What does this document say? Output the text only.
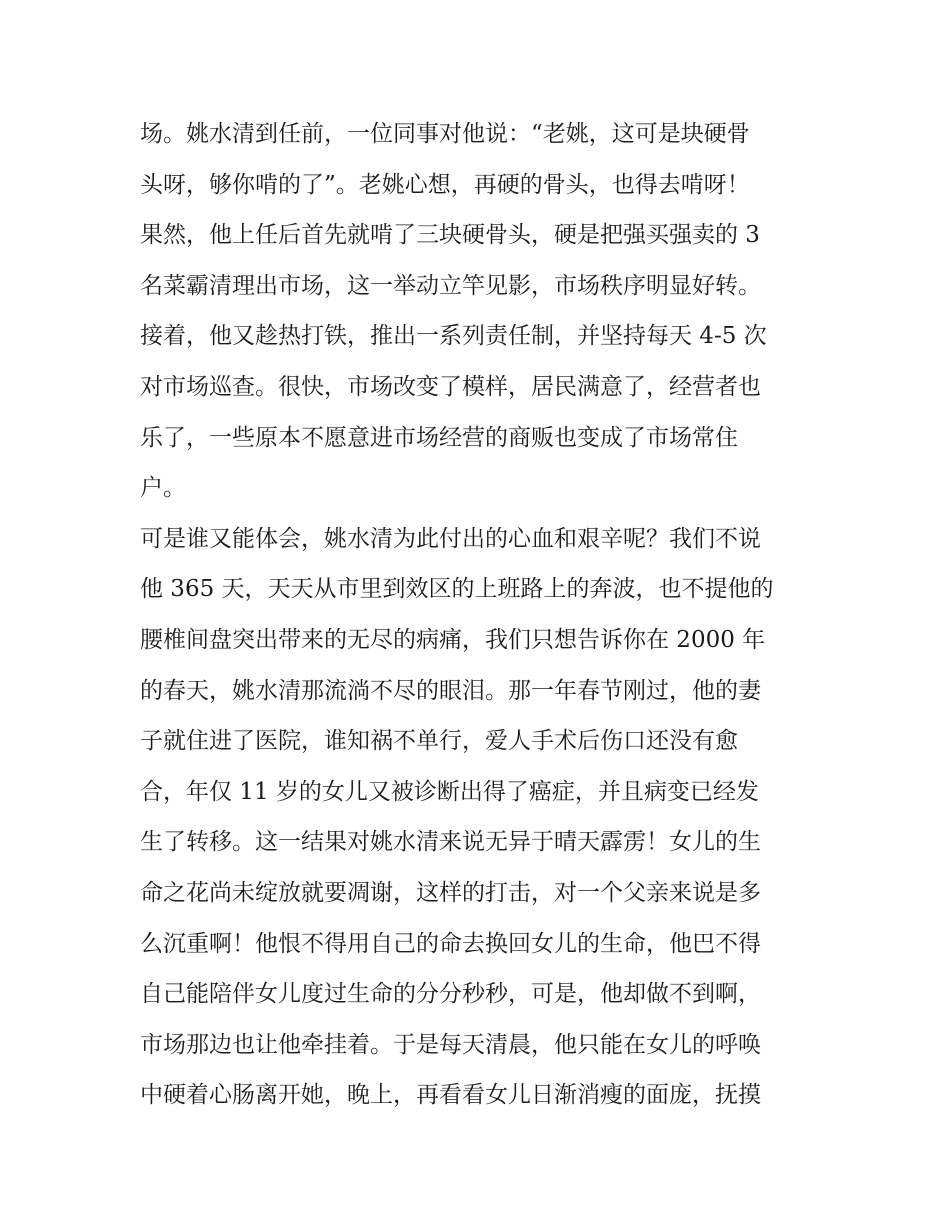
场。姚水清到任前，一位同事对他说：“老姚，这可是块硬骨
头呀，够你啃的了”。老姚心想，再硬的骨头，也得去啃呀！
果然，他上任后首先就啃了三块硬骨头，硬是把强买强卖的 3
名菜霸清理出市场，这一举动立竿见影，市场秩序明显好转。
接着，他又趁热打铁，推出一系列责任制，并坚持每天 4-5 次
对市场巡查。很快，市场改变了模样，居民满意了，经营者也
乐了，一些原本不愿意进市场经营的商贩也变成了市场常住
户。
可是谁又能体会，姚水清为此付出的心血和艰辛呢？我们不说
他 365 天，天天从市里到效区的上班路上的奔波，也不提他的
腰椎间盘突出带来的无尽的病痛，我们只想告诉你在 2000 年
的春天，姚水清那流淌不尽的眼泪。那一年春节刚过，他的妻
子就住进了医院，谁知祸不单行，爱人手术后伤口还没有愈
合，年仅 11 岁的女儿又被诊断出得了癌症，并且病变已经发
生了转移。这一结果对姚水清来说无异于晴天霹雳！女儿的生
命之花尚未绽放就要凋谢，这样的打击，对一个父亲来说是多
么沉重啊！他恨不得用自己的命去换回女儿的生命，他巴不得
自己能陪伴女儿度过生命的分分秒秒，可是，他却做不到啊，
市场那边也让他牵挂着。于是每天清晨，他只能在女儿的呼唤
中硬着心肠离开她，晚上，再看看女儿日渐消瘦的面庞，抚摸
